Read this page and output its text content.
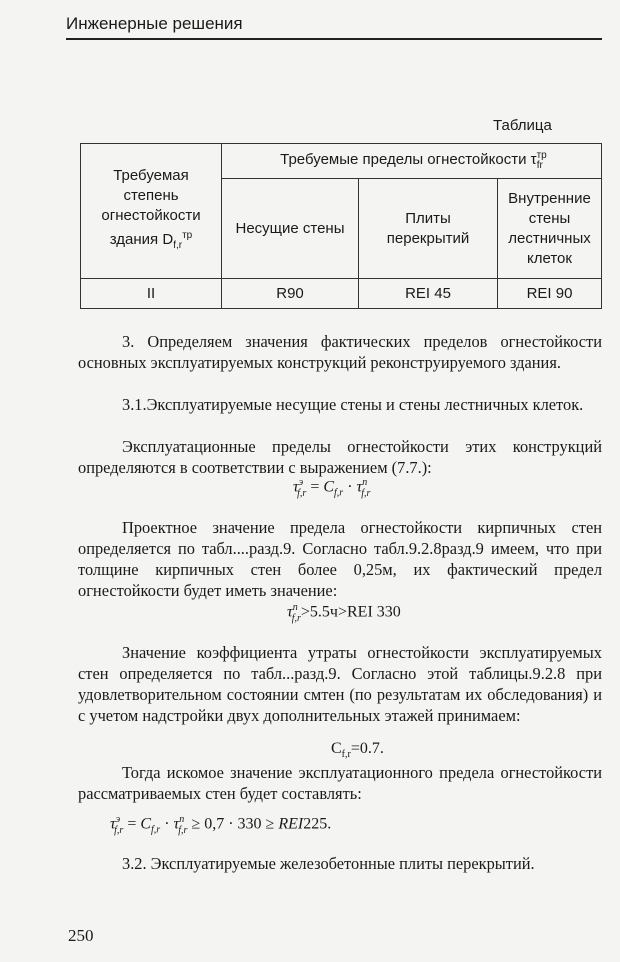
Инженерные решения
Таблица
Требуемая степень огнестойкости здания $D_{f,r}^{тр}$	Требуемые пределы огнестойкости $\tau^{тр}_{fr}$
	Несущие стены	Плиты перекрытий	Внутренние стены лестничных клеток
II	R90	REI 45	REI 90
3. Определяем значения фактических пределов огнестойкости основных эксплуатируемых конструкций реконструируемого здания.
3.1.Эксплуатируемые несущие стены и стены лестничных клеток.
Эксплуатационные пределы огнестойкости этих конструкций определяются в соответствии с выражением (7.7.):
$\tau^э_{f,r} = C_{f,r} \cdot \tau^n_{f,r}$
Проектное значение предела огнестойкости кирпичных стен определяется по табл....разд.9. Согласно табл.9.2.8разд.9 имеем, что при толщине кирпичных стен более 0,25м, их фактический предел огнестойкости будет иметь значение:
$\tau^n_{f,r}>5.5ч>REI$ 330
Значение коэффициента утраты огнестойкости эксплуатируемых стен определяется по табл...разд.9. Согласно этой таблицы.9.2.8 при удовлетворительном состоянии смтен (по результатам их обследования) и с учетом надстройки двух дополнительных этажей принимаем:
$C_{f,r}=0.7$.
Тогда искомое значение эксплуатационного предела огнестойкости рассматриваемых стен будет составлять:
$\tau^э_{f,r} = C_{f,r} \cdot \tau^n_{f,r} \ge 0,7 \cdot 330 \ge REI225$.
3.2. Эксплуатируемые железобетонные плиты перекрытий.
250
